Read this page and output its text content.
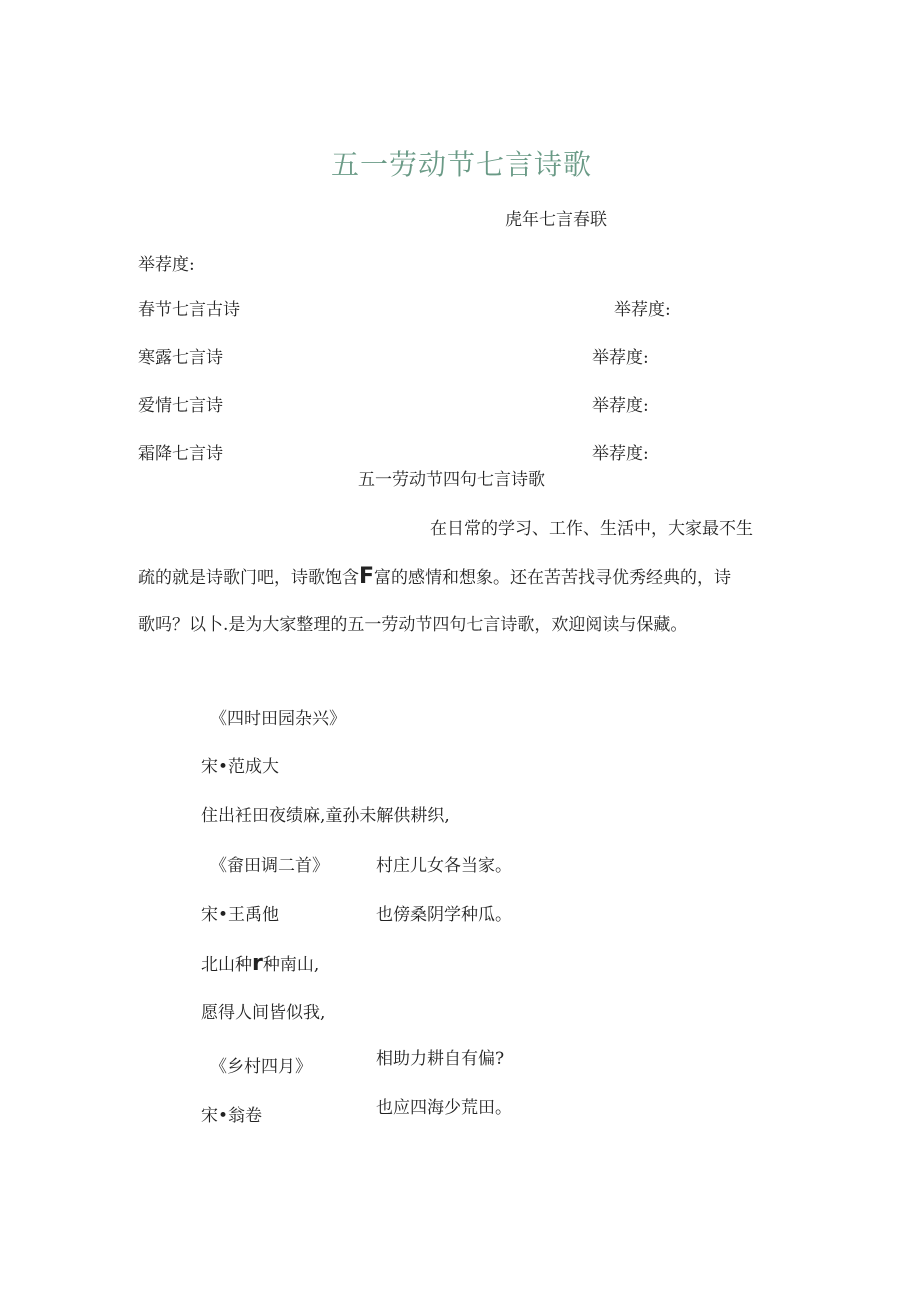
五一劳动节七言诗歌
虎年七言春联
举荐度:
春节七言古诗	举荐度:
寒露七言诗	举荐度:
爱情七言诗	举荐度:
霜降七言诗	举荐度:
五一劳动节四句七言诗歌
在日常的学习、工作、生活中，大家最不生
疏的就是诗歌门吧，诗歌饱含F富的感情和想象。还在苦苦找寻优秀经典的，诗
歌吗？以卜.是为大家整理的五一劳动节四句七言诗歌，欢迎阅读与保藏。
《四时田园杂兴》
宋•范成大
住出衽田夜绩麻,童孙未解供耕织,
《畲田调二首》	村庄儿女各当家。
宋•王禹他	也傍桑阴学种瓜。
北山种r种南山,
愿得人间皆似我,
相助力耕自有偏?
《乡村四月》
也应四海少荒田。
宋•翁卷
